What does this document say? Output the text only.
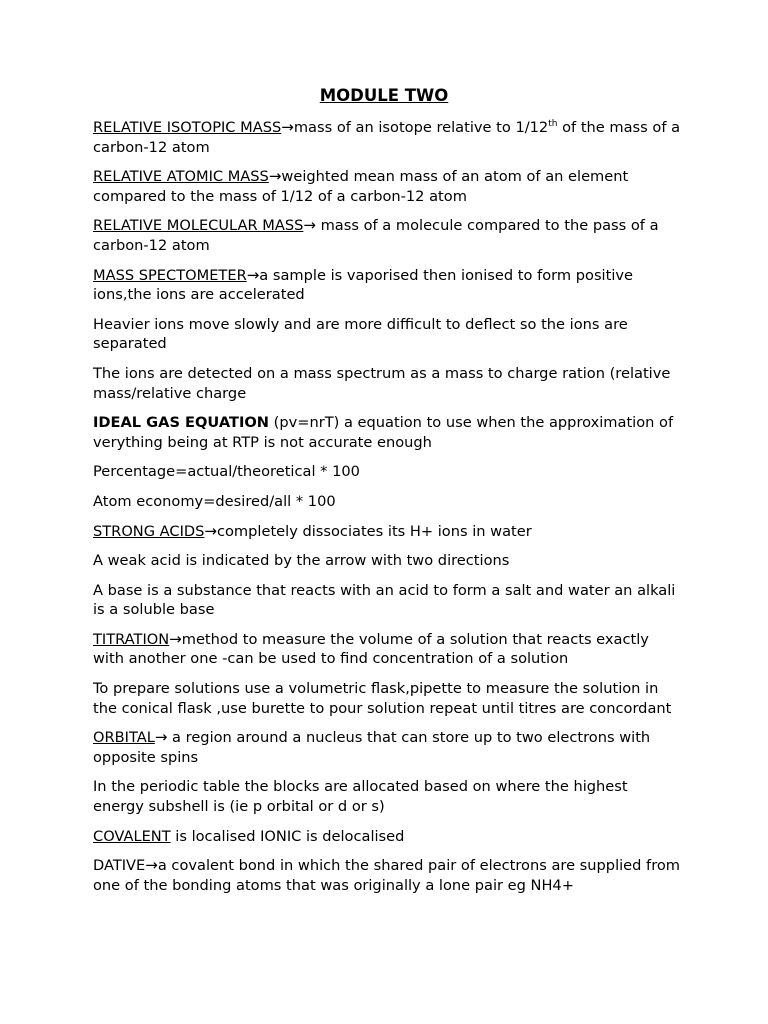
MODULE TWO

RELATIVE ISOTOPIC MASS→mass of an isotope relative to 1/12th of the mass of a carbon-12 atom

RELATIVE ATOMIC MASS→weighted mean mass of an atom of an element compared to the mass of 1/12 of a carbon-12 atom

RELATIVE MOLECULAR MASS→ mass of a molecule compared to the pass of a carbon-12 atom

MASS SPECTOMETER→a sample is vaporised then ionised to form positive ions,the ions are accelerated

Heavier ions move slowly and are more difficult to deflect so the ions are separated

The ions are detected on a mass spectrum as a mass to charge ration (relative mass/relative charge

IDEAL GAS EQUATION (pv=nrT) a equation to use when the approximation of verything being at RTP is not accurate enough

Percentage=actual/theoretical * 100

Atom economy=desired/all * 100

STRONG ACIDS→completely dissociates its H+ ions in water

A weak acid is indicated by the arrow with two directions

A base is a substance that reacts with an acid to form a salt and water an alkali is a soluble base

TITRATION→method to measure the volume of a solution that reacts exactly with another one -can be used to find concentration of a solution

To prepare solutions use a volumetric flask,pipette to measure the solution in the conical flask ,use burette to pour solution repeat until titres are concordant

ORBITAL→ a region around a nucleus that can store up to two electrons with opposite spins

In the periodic table the blocks are allocated based on where the highest energy subshell is (ie p orbital or d or s)

COVALENT is localised IONIC is delocalised

DATIVE→a covalent bond in which the shared pair of electrons are supplied from one of the bonding atoms that was originally a lone pair eg NH4+
